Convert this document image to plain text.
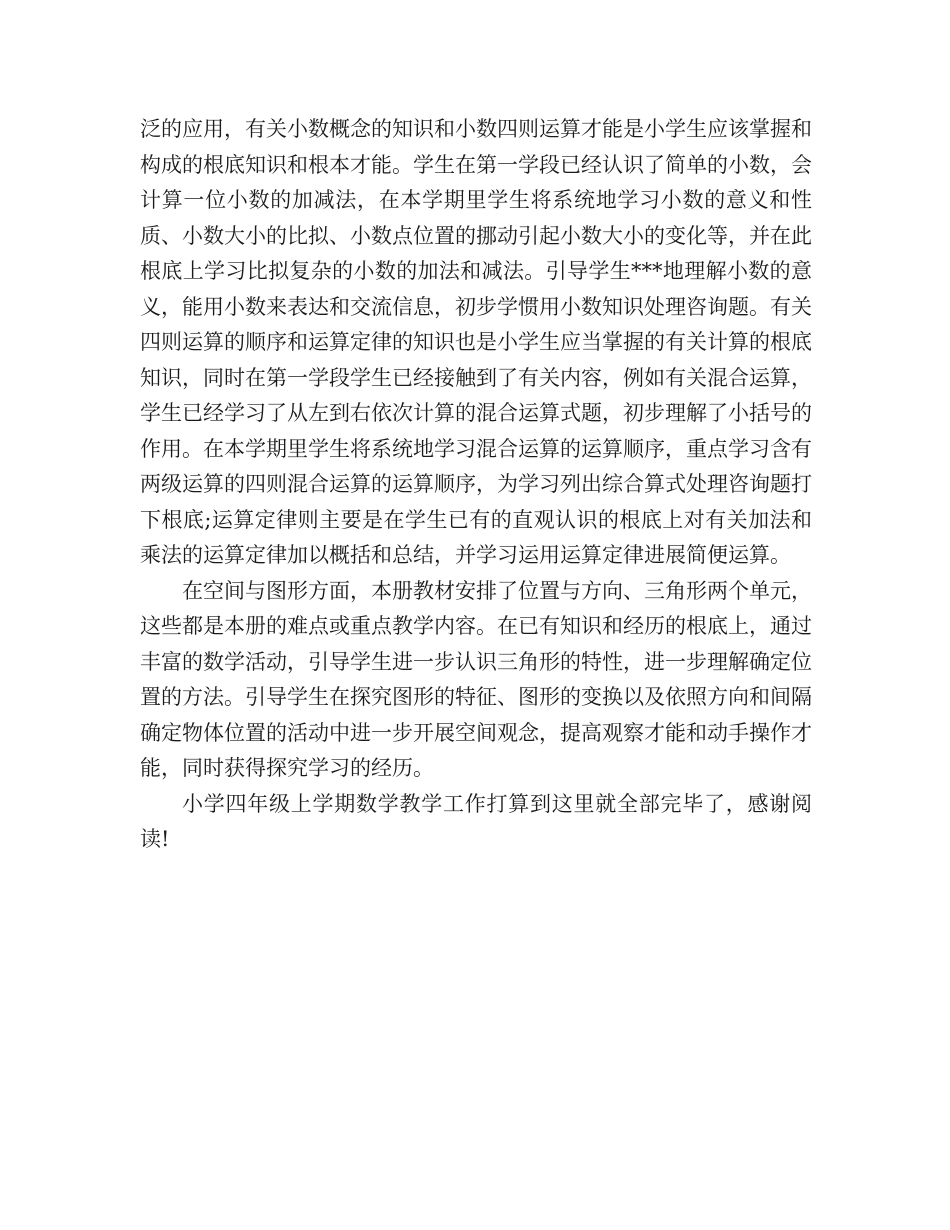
泛的应用，有关小数概念的知识和小数四则运算才能是小学生应该掌握和构成的根底知识和根本才能。学生在第一学段已经认识了简单的小数，会计算一位小数的加减法，在本学期里学生将系统地学习小数的意义和性质、小数大小的比拟、小数点位置的挪动引起小数大小的变化等，并在此根底上学习比拟复杂的小数的加法和减法。引导学生***地理解小数的意义，能用小数来表达和交流信息，初步学惯用小数知识处理咨询题。有关四则运算的顺序和运算定律的知识也是小学生应当掌握的有关计算的根底知识，同时在第一学段学生已经接触到了有关内容，例如有关混合运算，学生已经学习了从左到右依次计算的混合运算式题，初步理解了小括号的作用。在本学期里学生将系统地学习混合运算的运算顺序，重点学习含有两级运算的四则混合运算的运算顺序，为学习列出综合算式处理咨询题打下根底;运算定律则主要是在学生已有的直观认识的根底上对有关加法和乘法的运算定律加以概括和总结，并学习运用运算定律进展简便运算。

在空间与图形方面，本册教材安排了位置与方向、三角形两个单元，这些都是本册的难点或重点教学内容。在已有知识和经历的根底上，通过丰富的数学活动，引导学生进一步认识三角形的特性，进一步理解确定位置的方法。引导学生在探究图形的特征、图形的变换以及依照方向和间隔确定物体位置的活动中进一步开展空间观念，提高观察才能和动手操作才能，同时获得探究学习的经历。

小学四年级上学期数学教学工作打算到这里就全部完毕了，感谢阅读!
